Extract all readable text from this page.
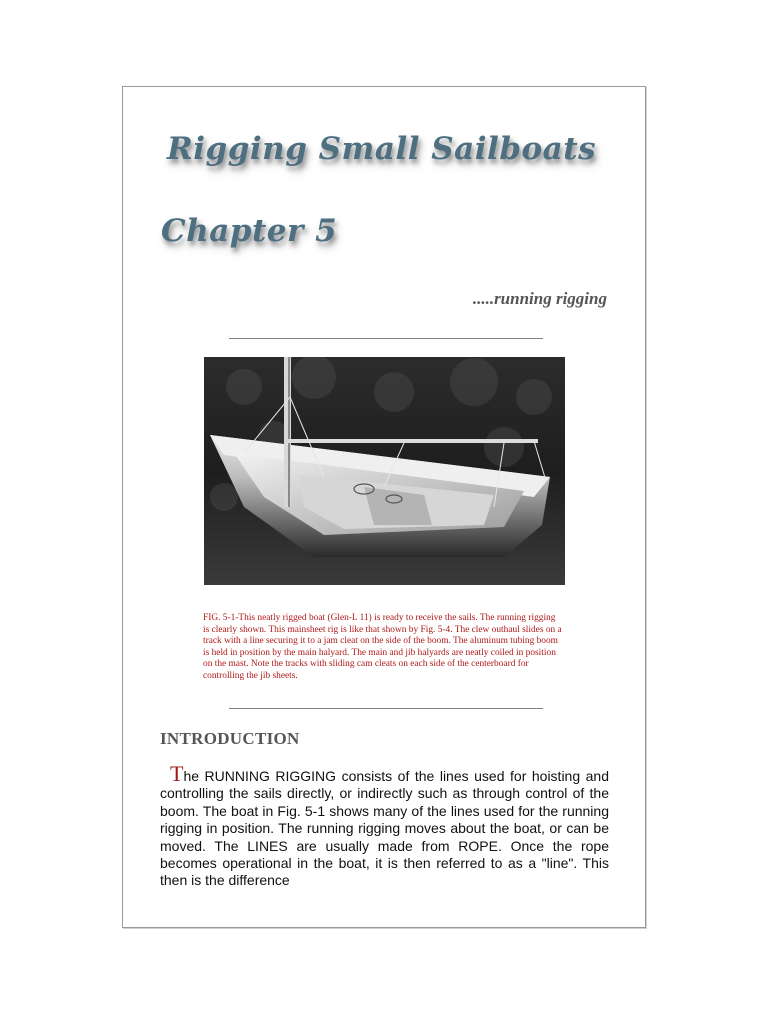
Rigging Small Sailboats
Chapter 5
.....running rigging
FIG. 5-1-This neatly rigged boat (Glen-L 11) is ready to receive the sails. The running rigging is clearly shown. This mainsheet rig is like that shown by Fig. 5-4. The clew outhaul slides on a track with a line securing it to a jam cleat on the side of the boom. The aluminum tubing boom is held in position by the main halyard. The main and jib halyards are neatly coiled in position on the mast. Note the tracks with sliding cam cleats on each side of the centerboard for controlling the jib sheets.
INTRODUCTION
The RUNNING RIGGING consists of the lines used for hoisting and controlling the sails directly, or indirectly such as through control of the boom. The boat in Fig. 5-1 shows many of the lines used for the running rigging in position. The running rigging moves about the boat, or can be moved. The LINES are usually made from ROPE. Once the rope becomes operational in the boat, it is then referred to as a "line". This then is the difference
